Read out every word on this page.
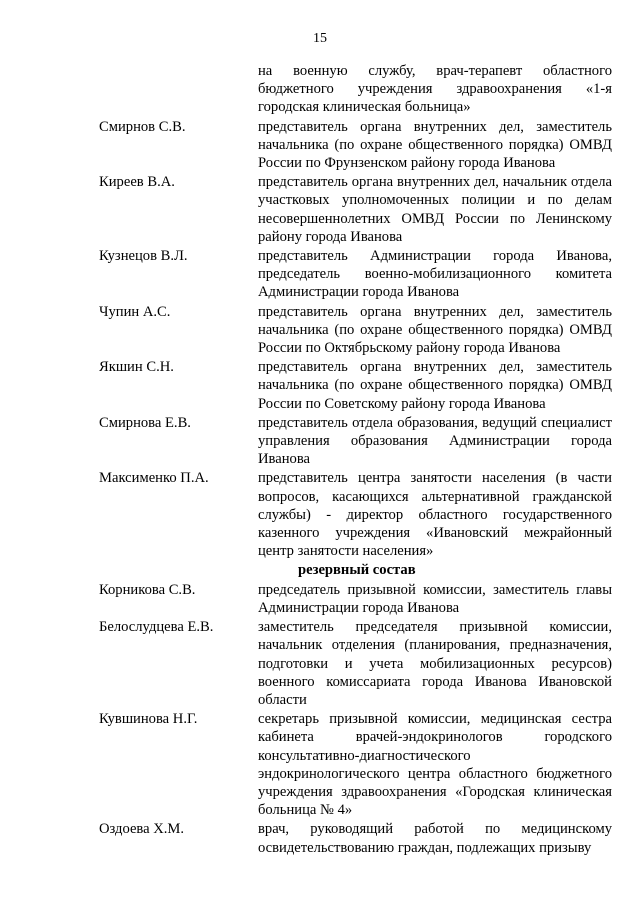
15
на военную службу, врач-терапевт областного бюджетного учреждения здравоохранения «1-я городская клиническая больница»
Смирнов С.В.	представитель органа внутренних дел, заместитель начальника (по охране общественного порядка) ОМВД России по Фрунзенском району города Иванова
Киреев В.А.	представитель органа внутренних дел, начальник отдела участковых уполномоченных полиции и по делам несовершеннолетних ОМВД России по Ленинскому району города Иванова
Кузнецов В.Л.	представитель Администрации города Иванова, председатель военно-мобилизационного комитета Администрации города Иванова
Чупин А.С.	представитель органа внутренних дел, заместитель начальника (по охране общественного порядка) ОМВД России по Октябрьскому району города Иванова
Якшин С.Н.	представитель органа внутренних дел, заместитель начальника (по охране общественного порядка) ОМВД России по Советскому району города Иванова
Смирнова Е.В.	представитель отдела образования, ведущий специалист управления образования Администрации города Иванова
Максименко П.А.	представитель центра занятости населения (в части вопросов, касающихся альтернативной гражданской службы) - директор областного государственного казенного учреждения «Ивановский межрайонный центр занятости населения»
резервный состав
Корникова С.В.	председатель призывной комиссии, заместитель главы Администрации города Иванова
Белослудцева Е.В.	заместитель председателя призывной комиссии, начальник отделения (планирования, предназначения, подготовки и учета мобилизационных ресурсов) военного комиссариата города Иванова Ивановской области
Кувшинова Н.Г.	секретарь призывной комиссии, медицинская сестра кабинета врачей-эндокринологов городского консультативно-диагностического эндокринологического центра областного бюджетного учреждения здравоохранения «Городская клиническая больница № 4»
Оздоева Х.М.	врач, руководящий работой по медицинскому освидетельствованию граждан, подлежащих призыву
